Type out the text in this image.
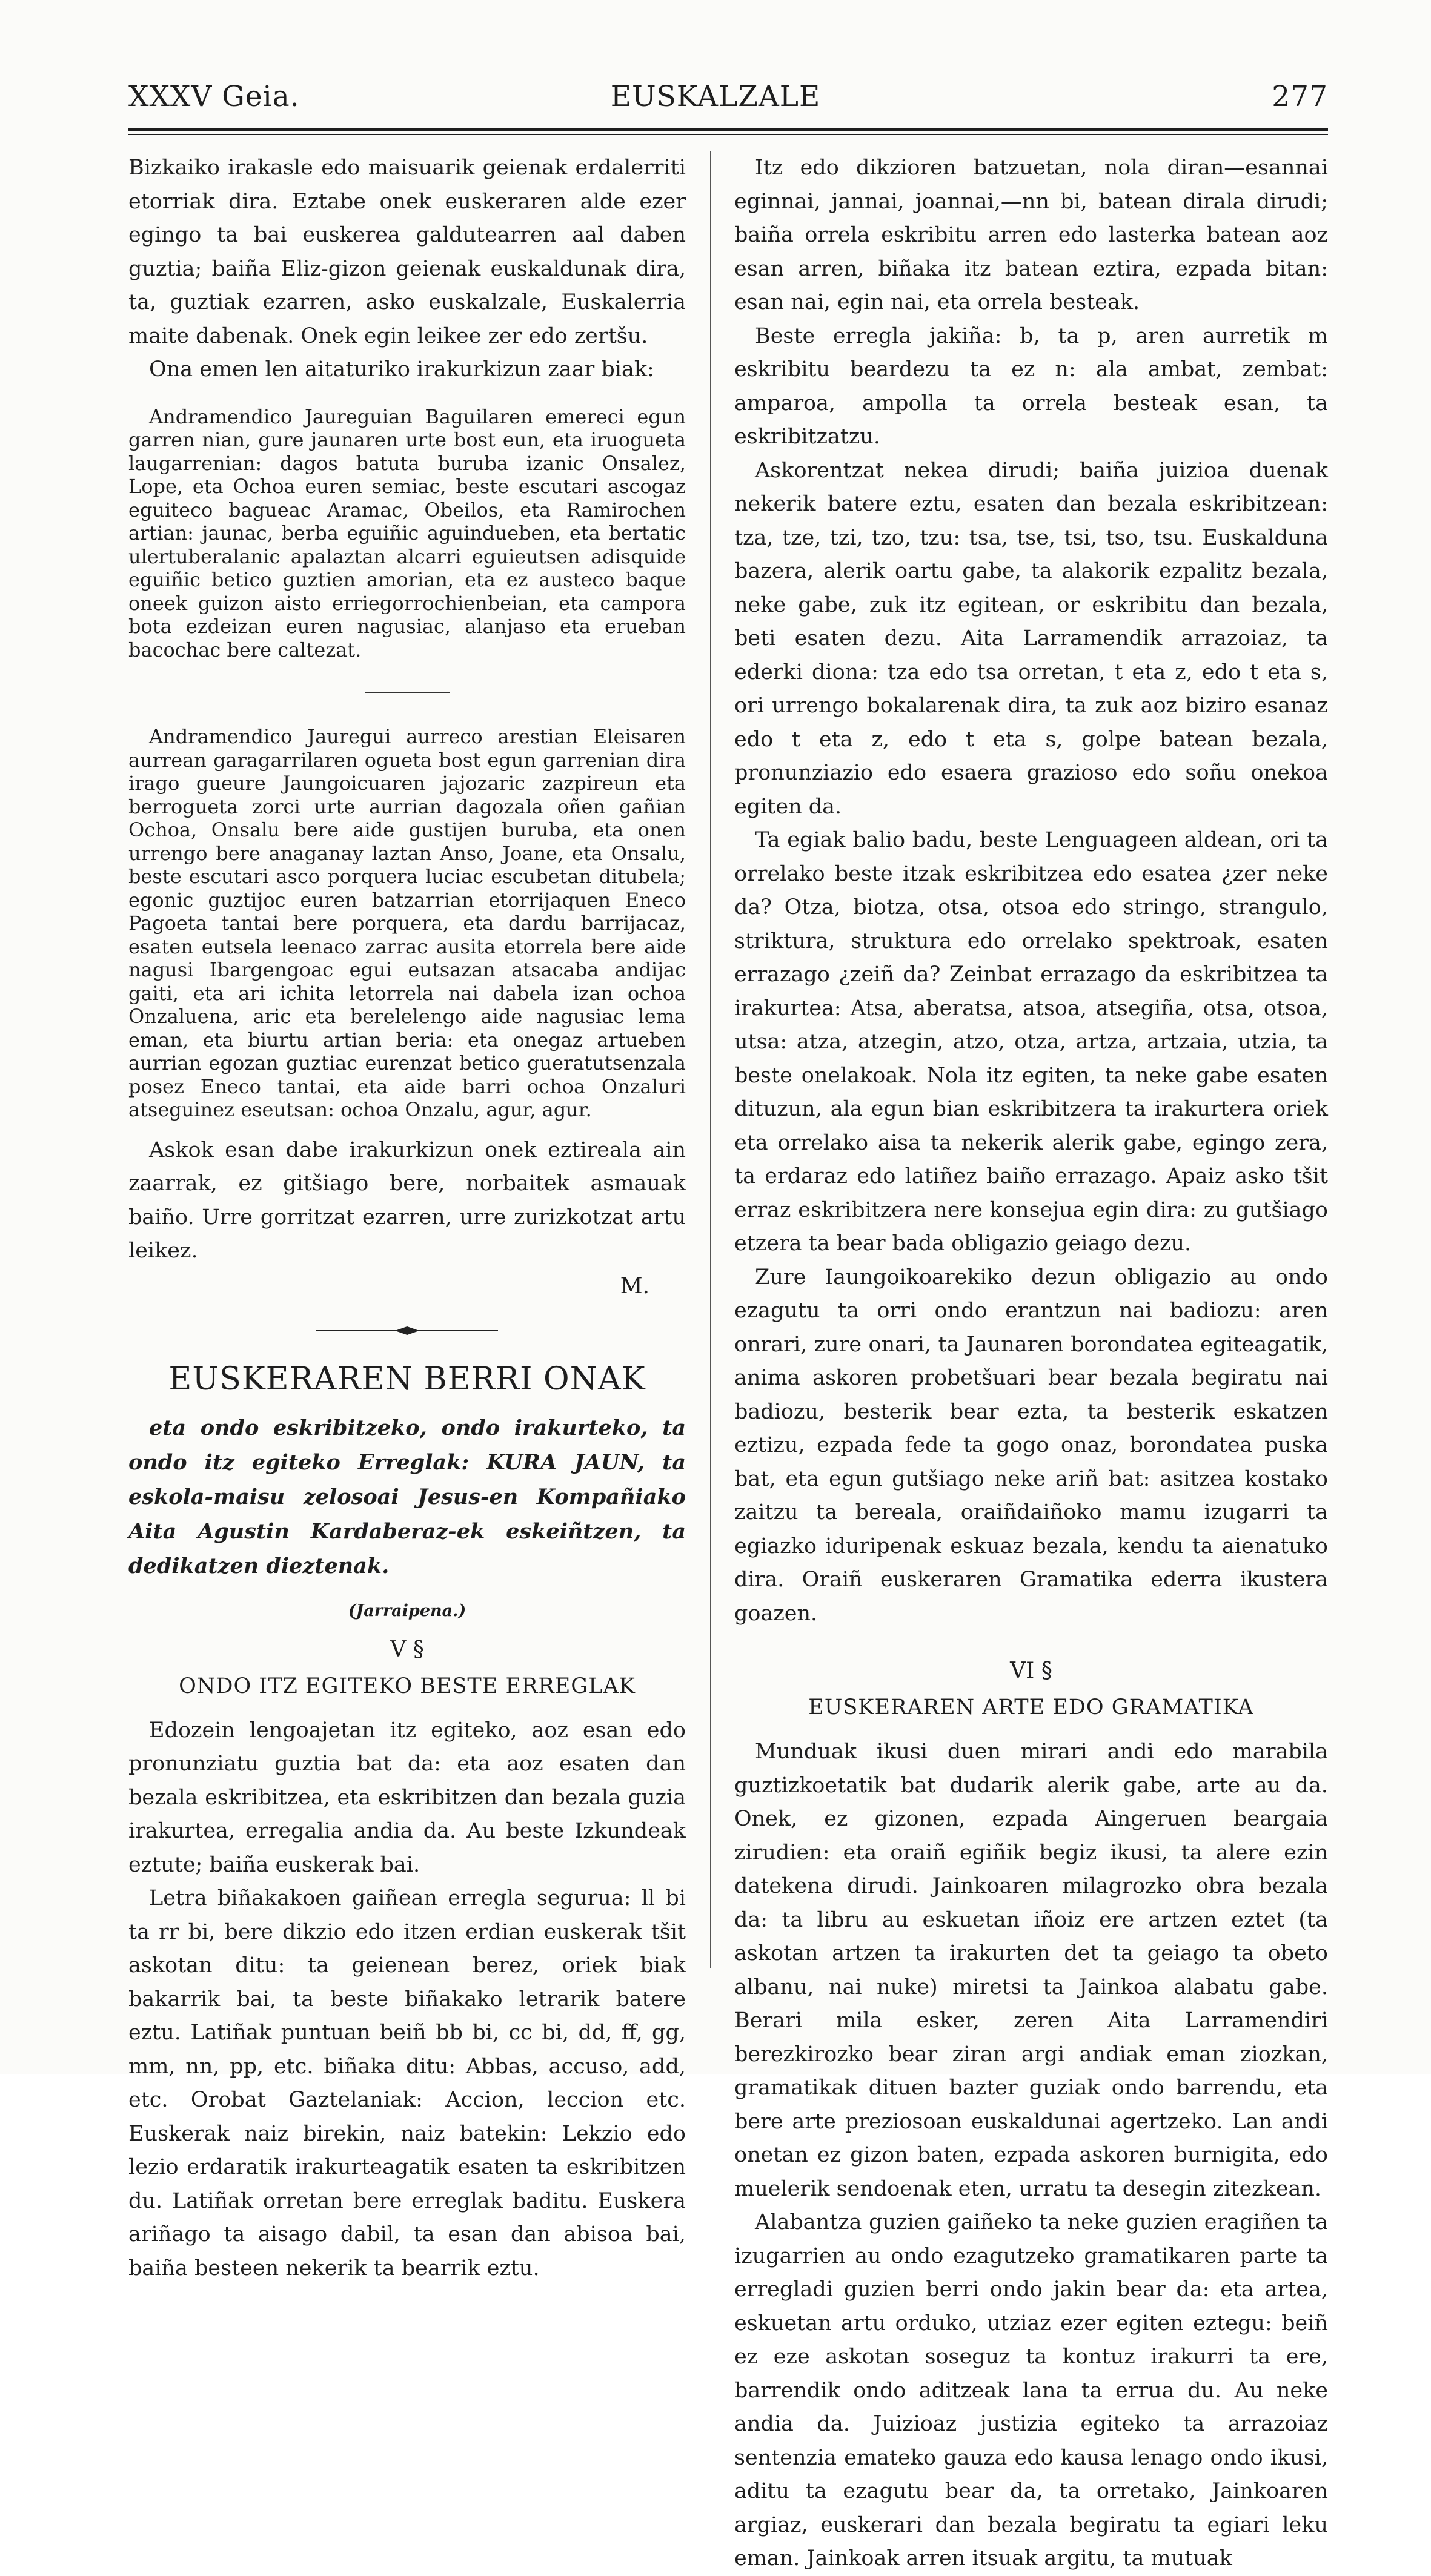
XXXV Geia.	EUSKALZALE	277

Bizkaiko irakasle edo maisuarik geienak erdalerriti etorriak dira. Eztabe onek euskeraren alde ezer egingo ta bai euskerea galdutearren aal daben guztia; baiña Eliz-gizon geienak euskaldunak dira, ta, guztiak ezarren, asko euskalzale, Euskalerria maite dabenak. Onek egin leikee zer edo zertšu.

Ona emen len aitaturiko irakurkizun zaar biak:

Andramendico Jaureguian Baguilaren emereci egun garren nian, gure jaunaren urte bost eun, eta iruogueta laugarrenian: dagos batuta buruba izanic Onsalez, Lope, eta Ochoa euren semiac, beste escutari ascogaz eguiteco baguеac Aramac, Obeilos, eta Ramirochen artian: jaunac, berba eguiñic aguindueben, eta bertatic ulertuberalanic apalaztan alcarri eguieutsen adisquide eguiñic betico guztien amorian, eta ez austeco baque oneek guizon aisto erriegorrochienbeian, eta campora bota ezdeizan euren nagusiac, alanjaso eta erueban bacochac bere caltezat.

Andramendico Jauregui aurreco arestian Eleisaren aurrean garagarrilaren ogueta bost egun garrenian dira irago gueure Jaungoicuaren jajozaric zazpireun eta berrogueta zorci urte aurrian dagozala oñen gañian Ochoa, Onsalu bere aide gustijen buruba, eta onen urrengo bere anaganay laztan Anso, Joane, eta Onsalu, beste escutari asco porquera luciac escubetan ditubela; egonic guztijoc euren batzarrian etorrijaquen Eneco Pagoeta tantai bere porquera, eta dardu barrijacaz, esaten eutsela leenaco zarrac ausita etorrela bere aide nagusi Ibargengoac egui eutsazan atsacaba andijac gaiti, eta ari ichita letorrela nai dabela izan ochoa Onzaluena, aric eta berelelengo aide nagusiac lema eman, eta biurtu artian beria: eta onegaz artueben aurrian egozan guztiac eurenzat betico gueratutsenzala posez Eneco tantai, eta aide barri ochoa Onzaluri atseguinez eseutsan: ochoa Onzalu, agur, agur.

Askok esan dabe irakurkizun onek eztireala ain zaarrak, ez gitšiago bere, norbaitek asmauak baiño. Urre gorritzat ezarren, urre zurizkotzat artu leikez.

M.

EUSKERAREN BERRI ONAK

eta ondo eskribitzeko, ondo irakurteko, ta ondo itz egiteko Erreglak: KURA JAUN, ta eskola-maisu zelosoai Jesus-en Kompañiako Aita Agustin Kardaberaz-ek eskeiñtzen, ta dedikatzen dieztenak.

(Jarraipena.)

V §

ONDO ITZ EGITEKO BESTE ERREGLAK

Edozein lengoajetan itz egiteko, aoz esan edo pronunziatu guztia bat da: eta aoz esaten dan bezala eskribitzea, eta eskribitzen dan bezala guzia irakurtea, erregalia andia da. Au beste Izkundeak eztute; baiña euskerak bai.

Letra biñakakoen gaiñean erregla segurua: ll bi ta rr bi, bere dikzio edo itzen erdian euskerak tšit askotan ditu: ta geienean berez, oriek biak bakarrik bai, ta beste biñakako letrarik batere eztu. Latiñak puntuan beiñ bb bi, cc bi, dd, ff, gg, mm, nn, pp, etc. biñaka ditu: Abbas, accuso, add, etc. Orobat Gaztelaniak: Accion, leccion etc. Euskerak naiz birekin, naiz batekin: Lekzio edo lezio erdaratik irakurteagatik esaten ta eskribitzen du. Latiñak orretan bere erreglak baditu. Euskera ariñago ta aisago dabil, ta esan dan abisoa bai, baiña besteen nekerik ta bearrik eztu.

Itz edo dikzioren batzuetan, nola diran—esannai eginnai, jannai, joannai,—nn bi, batean dirala dirudi; baiña orrela eskribitu arren edo lasterka batean aoz esan arren, biñaka itz batean eztira, ezpada bitan: esan nai, egin nai, eta orrela besteak.

Beste erregla jakiña: b, ta p, aren aurretik m eskribitu beardezu ta ez n: ala ambat, zembat: amparoa, ampolla ta orrela besteak esan, ta eskribitzatzu.

Askorentzat nekea dirudi; baiña juizioa duenak nekerik batere eztu, esaten dan bezala eskribitzean: tza, tze, tzi, tzo, tzu: tsa, tse, tsi, tso, tsu. Euskalduna bazera, alerik oartu gabe, ta alakorik ezpalitz bezala, neke gabe, zuk itz egitean, or eskribitu dan bezala, beti esaten dezu. Aita Larramendik arrazoiaz, ta ederki diona: tza edo tsa orretan, t eta z, edo t eta s, ori urrengo bokalarenak dira, ta zuk aoz biziro esanaz edo t eta z, edo t eta s, golpe batean bezala, pronunziazio edo esaera grazioso edo soñu onekoa egiten da.

Ta egiak balio badu, beste Lenguageen aldean, ori ta orrelako beste itzak eskribitzea edo esatea ¿zer neke da? Otza, biotza, otsa, otsoa edo stringo, strangulo, striktura, struktura edo orrelako spektroak, esaten errazago ¿zeiñ da? Zeinbat errazago da eskribitzea ta irakurtea: Atsa, aberatsa, atsoa, atsegiña, otsa, otsoa, utsa: atza, atzegin, atzo, otza, artza, artzaia, utzia, ta beste onelakoak. Nola itz egiten, ta neke gabe esaten dituzun, ala egun bian eskribitzera ta irakurtera oriek eta orrelako aisa ta nekerik alerik gabe, egingo zera, ta erdaraz edo latiñez baiño errazago. Apaiz asko tšit erraz eskribitzera nere konsejua egin dira: zu gutšiago etzera ta bear bada obligazio geiago dezu.

Zure Iaungoikoarekiko dezun obligazio au ondo ezagutu ta orri ondo erantzun nai badiozu: aren onrari, zure onari, ta Jaunaren borondatea egiteagatik, anima askoren probetšuari bear bezala begiratu nai badiozu, besterik bear ezta, ta besterik eskatzen eztizu, ezpada fede ta gogo onaz, borondatea puska bat, eta egun gutšiago neke ariñ bat: asitzea kostako zaitzu ta bereala, oraiñdaiñoko mamu izugarri ta egiazko iduripenak eskuaz bezala, kendu ta aienatuko dira. Oraiñ euskeraren Gramatika ederra ikustera goazen.

VI §

EUSKERAREN ARTE EDO GRAMATIKA

Munduak ikusi duen mirari andi edo marabila guztizkoetatik bat dudarik alerik gabe, arte au da. Onek, ez gizonen, ezpada Aingeruen beargaia zirudien: eta oraiñ egiñik begiz ikusi, ta alere ezin datekena dirudi. Jainkoaren milagrozko obra bezala da: ta libru au eskuetan iñoiz ere artzen eztet (ta askotan artzen ta irakurten det ta geiago ta obeto albanu, nai nuke) miretsi ta Jainkoa alabatu gabe. Berari mila esker, zeren Aita Larramendiri berezkirozko bear ziran argi andiak eman ziozkan, gramatikak dituen bazter guziak ondo barrendu, eta bere arte preziosoan euskaldunai agertzeko. Lan andi onetan ez gizon baten, ezpada askoren burnigita, edo muelerik sendoenak eten, urratu ta desegin zitezkean.

Alabantza guzien gaiñeko ta neke guzien eragiñen ta izugarrien au ondo ezagutzeko gramatikaren parte ta erregladi guzien berri ondo jakin bear da: eta artea, eskuetan artu orduko, utziaz ezer egiten eztegu: beiñ ez eze askotan soseguz ta kontuz irakurri ta ere, barrendik ondo aditzeak lana ta errua du. Au neke andia da. Juizioaz justizia egiteko ta arrazoiaz sentenzia emateko gauza edo kausa lenago ondo ikusi, aditu ta ezagutu bear da, ta orretako, Jainkoaren argiaz, euskerari dan bezala begiratu ta egiari leku eman. Jainkoak arren itsuak argitu, ta mutuak
